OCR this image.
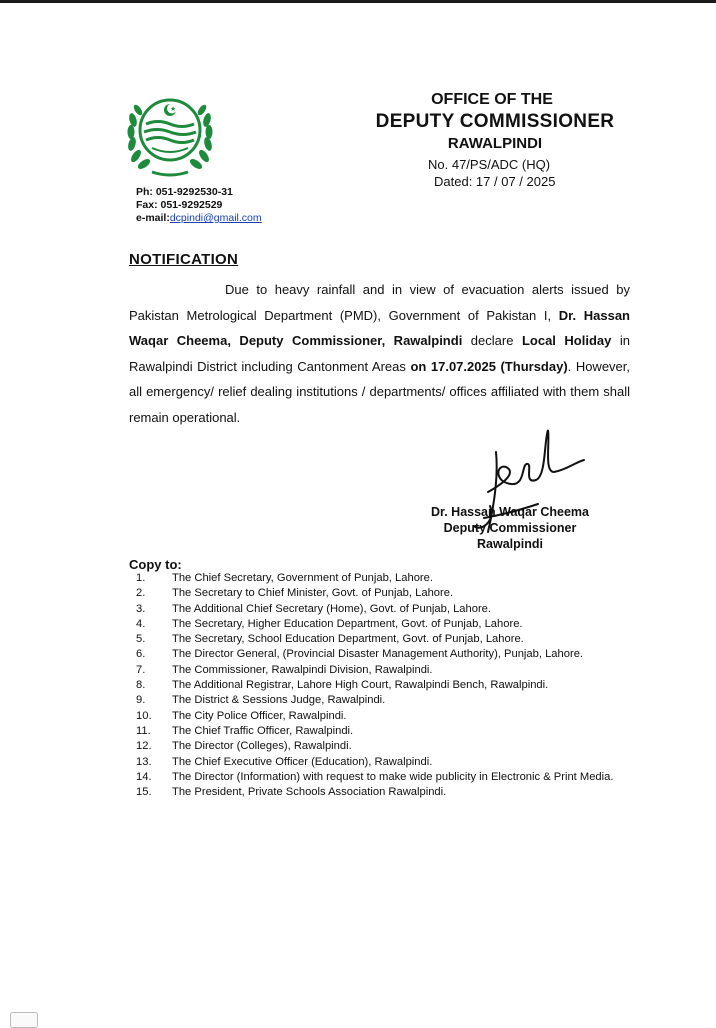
OFFICE OF THE
DEPUTY COMMISSIONER
RAWALPINDI
No. 47/PS/ADC (HQ)
Dated: 17 / 07 / 2025
Ph: 051-9292530-31
Fax: 051-9292529
e-mail:dcpindi@gmail.com
NOTIFICATION

Due to heavy rainfall and in view of evacuation alerts issued by Pakistan Metrological Department (PMD), Government of Pakistan I, Dr. Hassan Waqar Cheema, Deputy Commissioner, Rawalpindi declare Local Holiday in Rawalpindi District including Cantonment Areas on 17.07.2025 (Thursday). However, all emergency/ relief dealing institutions / departments/ offices affiliated with them shall remain operational.

Dr. Hassan Waqar Cheema
Deputy Commissioner
Rawalpindi
Copy to:
1.	The Chief Secretary, Government of Punjab, Lahore.
2.	The Secretary to Chief Minister, Govt. of Punjab, Lahore.
3.	The Additional Chief Secretary (Home), Govt. of Punjab, Lahore.
4.	The Secretary, Higher Education Department, Govt. of Punjab, Lahore.
5.	The Secretary, School Education Department, Govt. of Punjab, Lahore.
6.	The Director General, (Provincial Disaster Management Authority), Punjab, Lahore.
7.	The Commissioner, Rawalpindi Division, Rawalpindi.
8.	The Additional Registrar, Lahore High Court, Rawalpindi Bench, Rawalpindi.
9.	The District & Sessions Judge, Rawalpindi.
10.	The City Police Officer, Rawalpindi.
11.	The Chief Traffic Officer, Rawalpindi.
12.	The Director (Colleges), Rawalpindi.
13.	The Chief Executive Officer (Education), Rawalpindi.
14.	The Director (Information) with request to make wide publicity in Electronic & Print Media.
15.	The President, Private Schools Association Rawalpindi.
